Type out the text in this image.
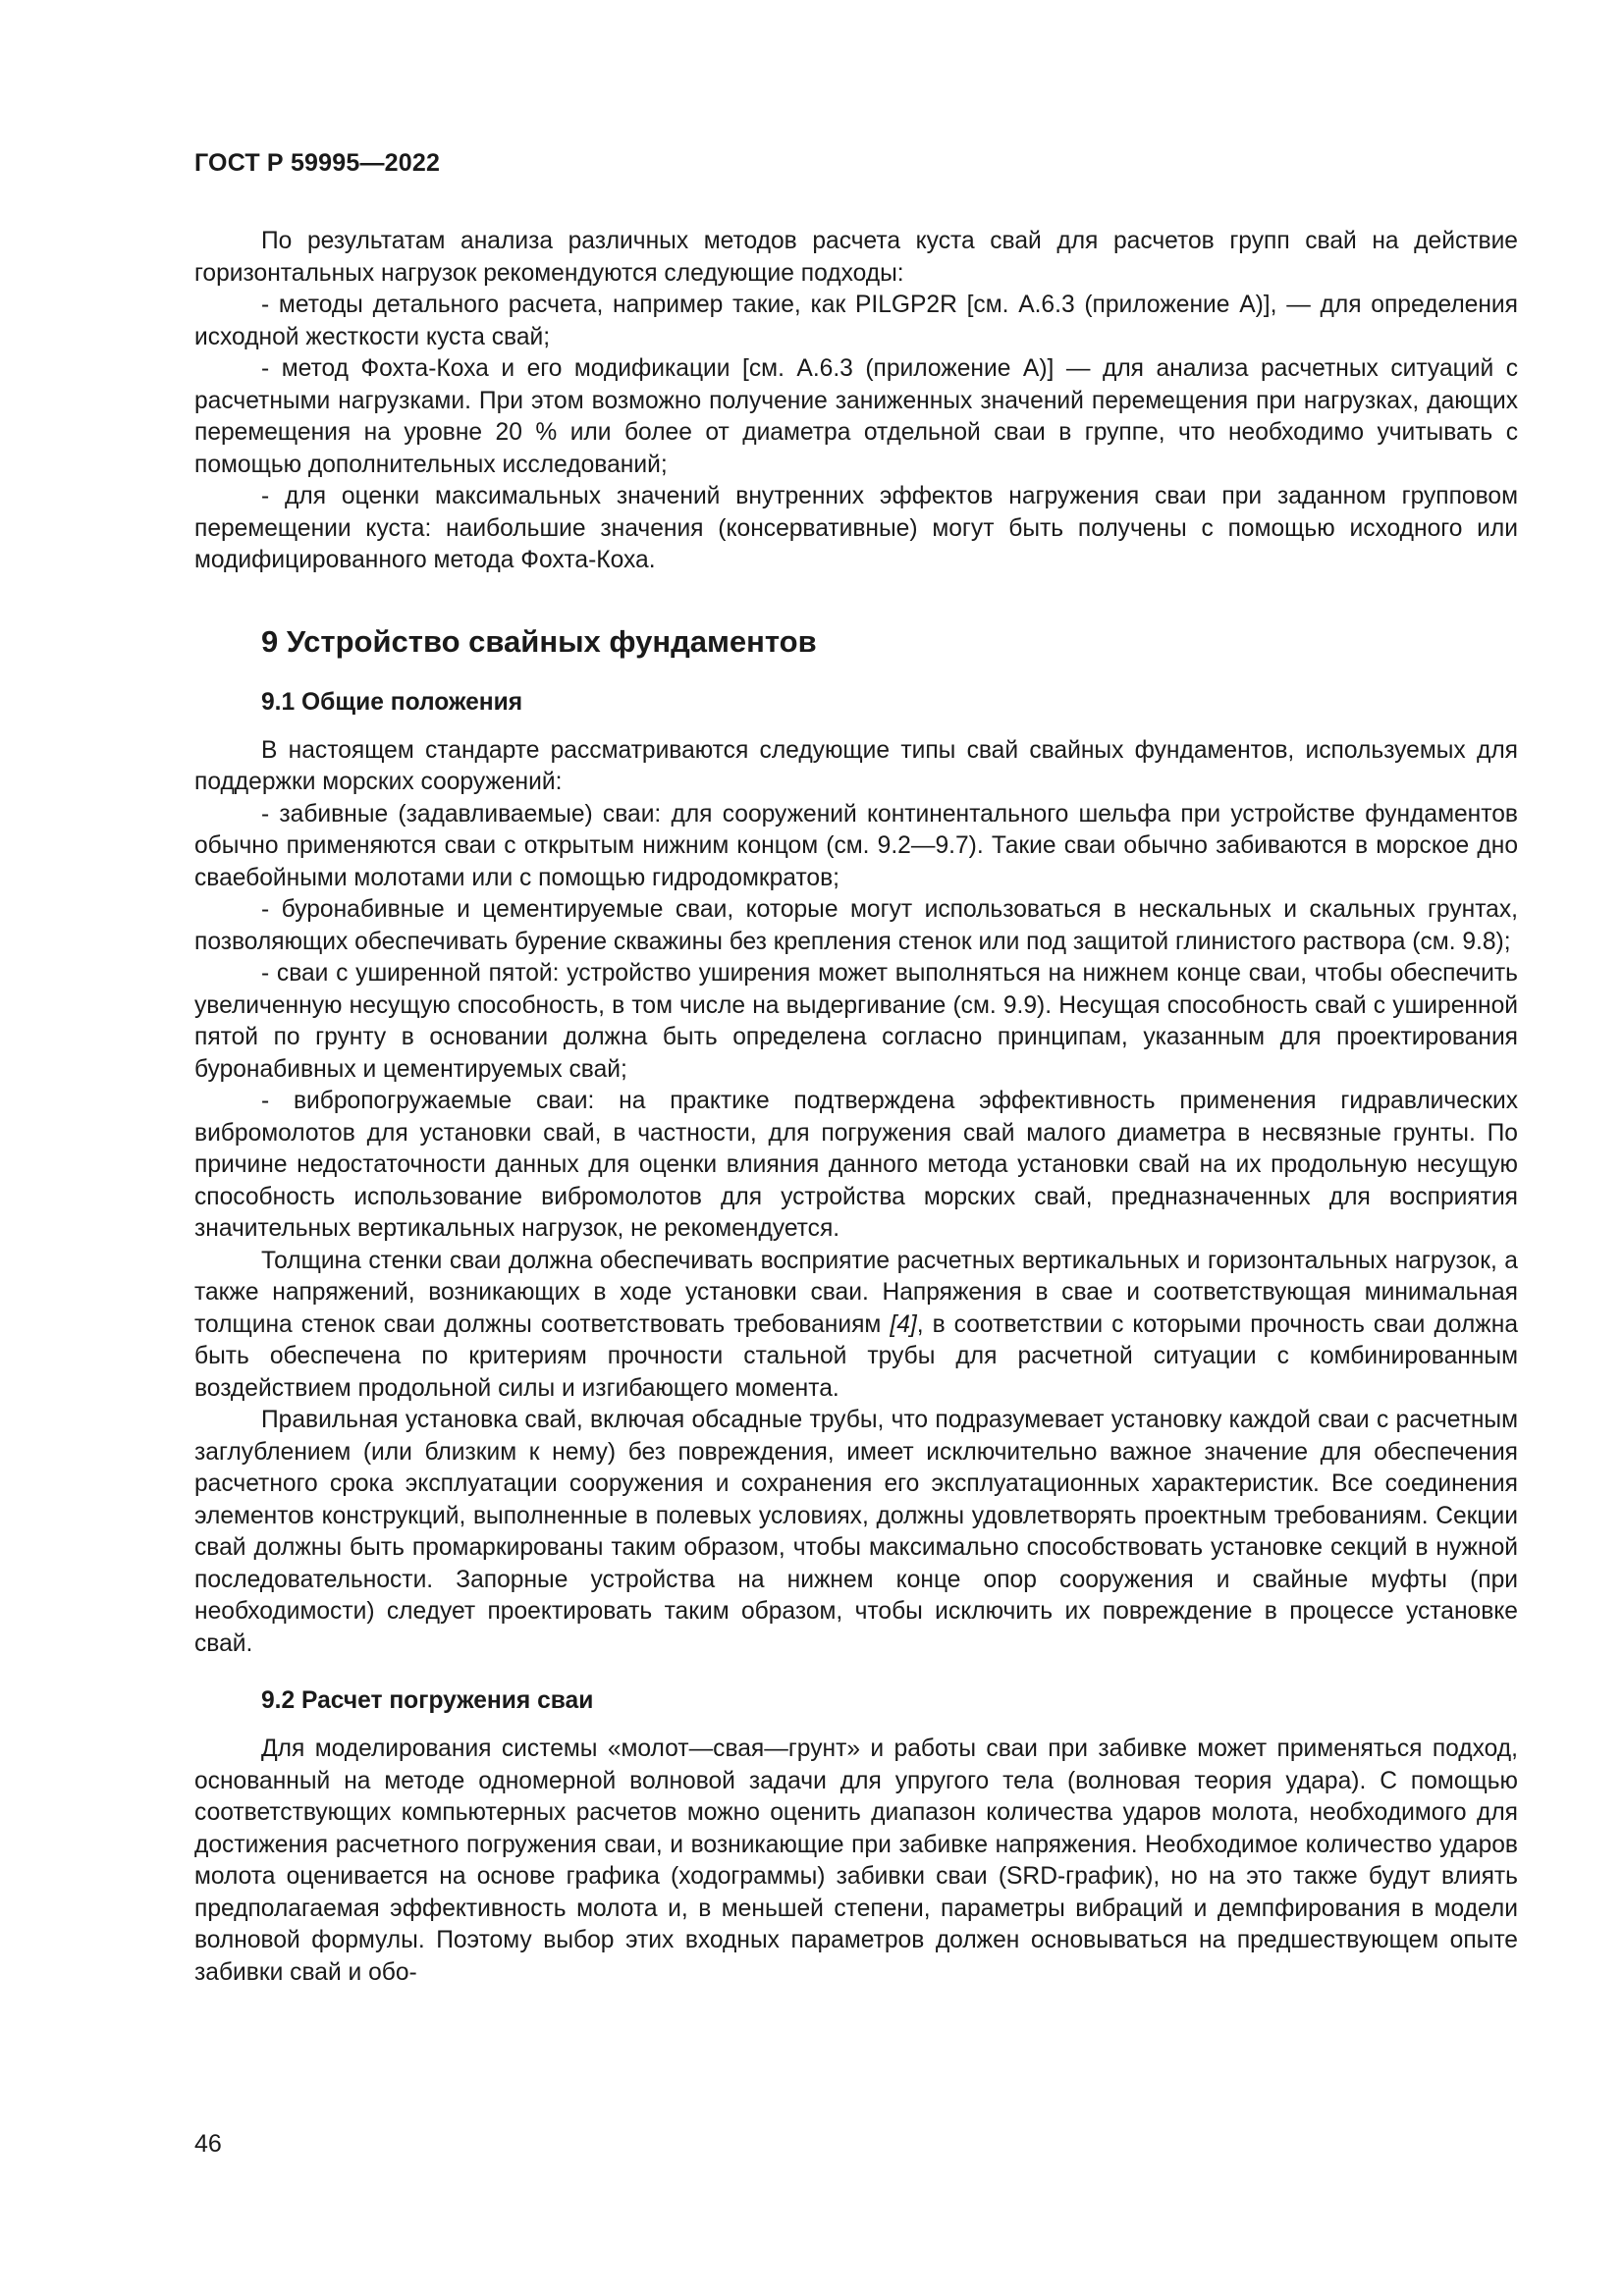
ГОСТ Р 59995—2022

По результатам анализа различных методов расчета куста свай для расчетов групп свай на действие горизонтальных нагрузок рекомендуются следующие подходы:

- методы детального расчета, например такие, как PILGP2R [см. А.6.3 (приложение А)], — для определения исходной жесткости куста свай;

- метод Фохта-Коха и его модификации [см. А.6.3 (приложение А)] — для анализа расчетных ситуаций с расчетными нагрузками. При этом возможно получение заниженных значений перемещения при нагрузках, дающих перемещения на уровне 20 % или более от диаметра отдельной сваи в группе, что необходимо учитывать с помощью дополнительных исследований;

- для оценки максимальных значений внутренних эффектов нагружения сваи при заданном групповом перемещении куста: наибольшие значения (консервативные) могут быть получены с помощью исходного или модифицированного метода Фохта-Коха.

9 Устройство свайных фундаментов
9.1 Общие положения

В настоящем стандарте рассматриваются следующие типы свай свайных фундаментов, используемых для поддержки морских сооружений:

- забивные (задавливаемые) сваи: для сооружений континентального шельфа при устройстве фундаментов обычно применяются сваи с открытым нижним концом (см. 9.2—9.7). Такие сваи обычно забиваются в морское дно сваебойными молотами или с помощью гидродомкратов;

- буронабивные и цементируемые сваи, которые могут использоваться в нескальных и скальных грунтах, позволяющих обеспечивать бурение скважины без крепления стенок или под защитой глинистого раствора (см. 9.8);

- сваи с уширенной пятой: устройство уширения может выполняться на нижнем конце сваи, чтобы обеспечить увеличенную несущую способность, в том числе на выдергивание (см. 9.9). Несущая способность свай с уширенной пятой по грунту в основании должна быть определена согласно принципам, указанным для проектирования буронабивных и цементируемых свай;

- вибропогружаемые сваи: на практике подтверждена эффективность применения гидравлических вибромолотов для установки свай, в частности, для погружения свай малого диаметра в несвязные грунты. По причине недостаточности данных для оценки влияния данного метода установки свай на их продольную несущую способность использование вибромолотов для устройства морских свай, предназначенных для восприятия значительных вертикальных нагрузок, не рекомендуется.

Толщина стенки сваи должна обеспечивать восприятие расчетных вертикальных и горизонтальных нагрузок, а также напряжений, возникающих в ходе установки сваи. Напряжения в свае и соответствующая минимальная толщина стенок сваи должны соответствовать требованиям [4], в соответствии с которыми прочность сваи должна быть обеспечена по критериям прочности стальной трубы для расчетной ситуации с комбинированным воздействием продольной силы и изгибающего момента.

Правильная установка свай, включая обсадные трубы, что подразумевает установку каждой сваи с расчетным заглублением (или близким к нему) без повреждения, имеет исключительно важное значение для обеспечения расчетного срока эксплуатации сооружения и сохранения его эксплуатационных характеристик. Все соединения элементов конструкций, выполненные в полевых условиях, должны удовлетворять проектным требованиям. Секции свай должны быть промаркированы таким образом, чтобы максимально способствовать установке секций в нужной последовательности. Запорные устройства на нижнем конце опор сооружения и свайные муфты (при необходимости) следует проектировать таким образом, чтобы исключить их повреждение в процессе установке свай.

9.2 Расчет погружения сваи

Для моделирования системы «молот—свая—грунт» и работы сваи при забивке может применяться подход, основанный на методе одномерной волновой задачи для упругого тела (волновая теория удара). С помощью соответствующих компьютерных расчетов можно оценить диапазон количества ударов молота, необходимого для достижения расчетного погружения сваи, и возникающие при забивке напряжения. Необходимое количество ударов молота оценивается на основе графика (ходограммы) забивки сваи (SRD-график), но на это также будут влиять предполагаемая эффективность молота и, в меньшей степени, параметры вибраций и демпфирования в модели волновой формулы. Поэтому выбор этих входных параметров должен основываться на предшествующем опыте забивки свай и обо-

46
